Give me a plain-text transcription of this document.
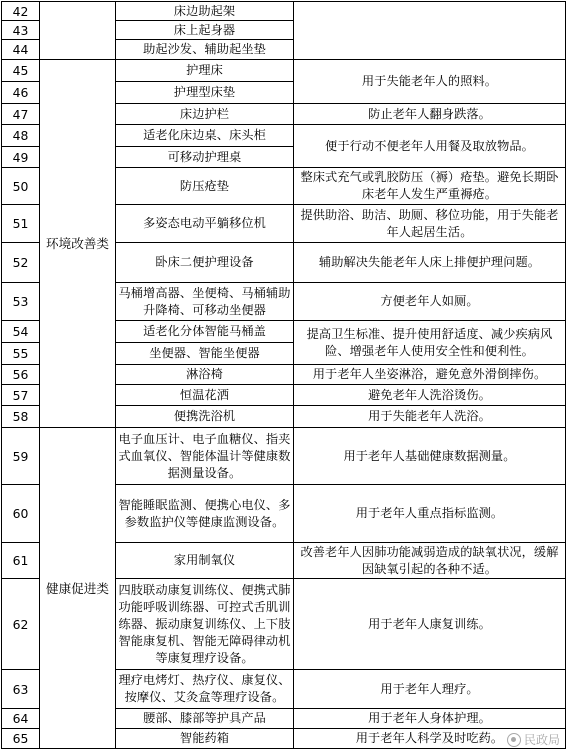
42		床边助起架	
43		床上起身器	
44		助起沙发、辅助起坐垫	
45	环境改善类	护理床	用于失能老年人的照料。
46		护理型床垫	
47		床边护栏	防止老年人翻身跌落。
48		适老化床边桌、床头柜	便于行动不便老年人用餐及取放物品。
49		可移动护理桌	
50		防压疮垫	整床式充气或乳胶防压（褥）疮垫。避免长期卧床老年人发生严重褥疮。
51		多姿态电动平躺移位机	提供助浴、助洁、助厕、移位功能，用于失能老年人起居生活。
52		卧床二便护理设备	辅助解决失能老年人床上排便护理问题。
53		马桶增高器、坐便椅、马桶辅助升降椅、可移动坐便器	方便老年人如厕。
54		适老化分体智能马桶盖	提高卫生标准、提升使用舒适度、减少疾病风险、增强老年人使用安全性和便利性。
55		坐便器、智能坐便器	
56		淋浴椅	用于老年人坐姿淋浴，避免意外滑倒摔伤。
57		恒温花洒	避免老年人洗浴烫伤。
58		便携洗浴机	用于失能老年人洗浴。
59	健康促进类	电子血压计、电子血糖仪、指夹式血氧仪、智能体温计等健康数据测量设备。	用于老年人基础健康数据测量。
60		智能睡眠监测、便携心电仪、多参数监护仪等健康监测设备。	用于老年人重点指标监测。
61		家用制氧仪	改善老年人因肺功能减弱造成的缺氧状况，缓解因缺氧引起的各种不适。
62		四肢联动康复训练仪、便携式肺功能呼吸训练器、可控式舌肌训练器、振动康复训练仪、上下肢智能康复机、智能无障碍律动机等康复理疗设备。	用于老年人康复训练。
63		理疗电烤灯、热疗仪、康复仪、按摩仪、艾灸盒等理疗设备。	用于老年人理疗。
64		腰部、膝部等护具产品	用于老年人身体护理。
65		智能药箱	用于老年人科学及时吃药。 民政局
